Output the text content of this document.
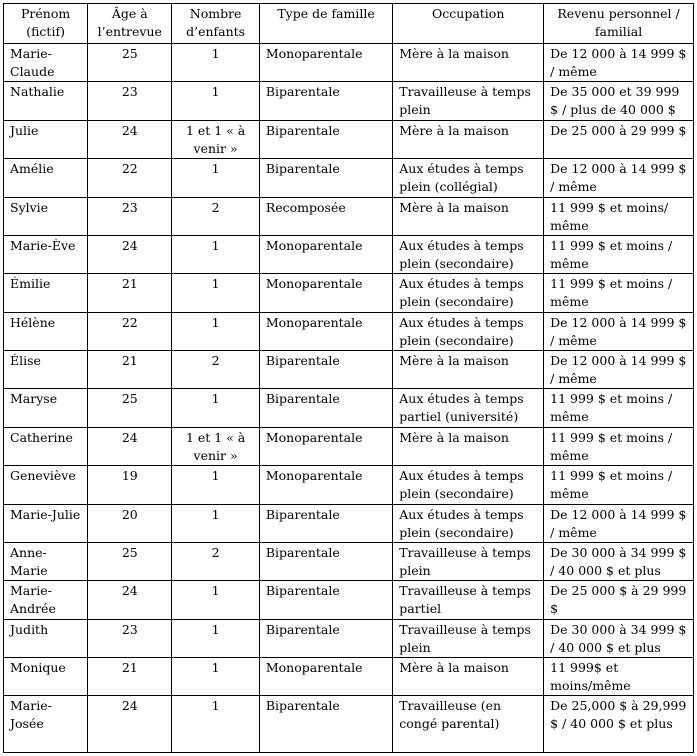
Prénom (fictif)	Âge à l’entrevue	Nombre d’enfants	Type de famille	Occupation	Revenu personnel / familial
Marie-Claude	25	1	Monoparentale	Mère à la maison	De 12 000 à 14 999 $ / même
Nathalie	23	1	Biparentale	Travailleuse à temps plein	De 35 000 et 39 999 $ / plus de 40 000 $
Julie	24	1 et 1 « à venir »	Biparentale	Mère à la maison	De 25 000 à 29 999 $
Amélie	22	1	Biparentale	Aux études à temps plein (collégial)	De 12 000 à 14 999 $ / même
Sylvie	23	2	Recomposée	Mère à la maison	11 999 $ et moins/ même
Marie-Ève	24	1	Monoparentale	Aux études à temps plein (secondaire)	11 999 $ et moins / même
Émilie	21	1	Monoparentale	Aux études à temps plein (secondaire)	11 999 $ et moins / même
Hélène	22	1	Monoparentale	Aux études à temps plein (secondaire)	De 12 000 à 14 999 $ / même
Élise	21	2	Biparentale	Mère à la maison	De 12 000 à 14 999 $ / même
Maryse	25	1	Biparentale	Aux études à temps partiel (université)	11 999 $ et moins / même
Catherine	24	1 et 1 « à venir »	Monoparentale	Mère à la maison	11 999 $ et moins / même
Geneviève	19	1	Monoparentale	Aux études à temps plein (secondaire)	11 999 $ et moins / même
Marie-Julie	20	1	Biparentale	Aux études à temps plein (secondaire)	De 12 000 à 14 999 $ / même
Anne-Marie	25	2	Biparentale	Travailleuse à temps plein	De 30 000 à 34 999 $ / 40 000 $ et plus
Marie-Andrée	24	1	Biparentale	Travailleuse à temps partiel	De 25 000 $ à 29 999 $
Judith	23	1	Biparentale	Travailleuse à temps plein	De 30 000 à 34 999 $ / 40 000 $ et plus
Monique	21	1	Monoparentale	Mère à la maison	11 999$ et moins/même
Marie-Josée	24	1	Biparentale	Travailleuse (en congé parental)	De 25,000 $ à 29,999 $ / 40 000 $ et plus
